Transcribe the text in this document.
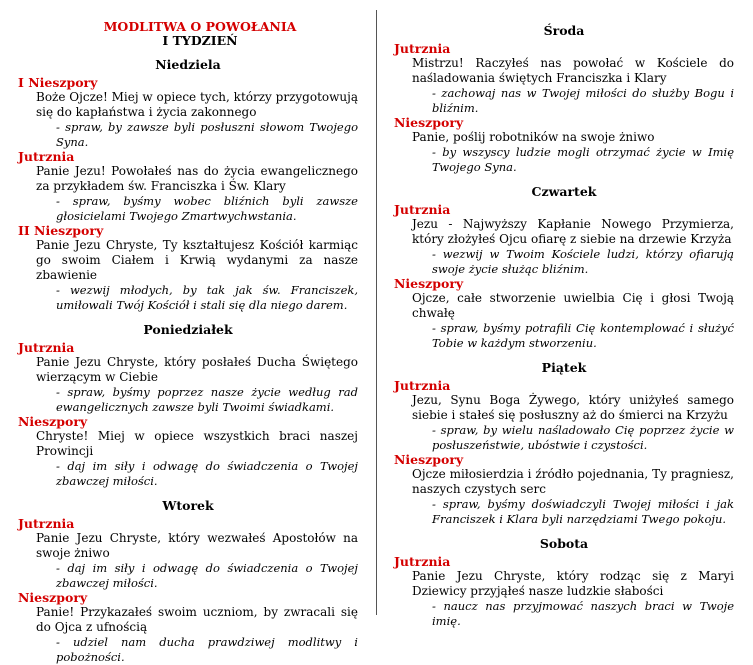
MODLITWA O POWOŁANIA
I TYDZIEŃ
Niedziela
I Nieszpory
Boże Ojcze! Miej w opiece tych, którzy przygotowują się do kapłaństwa i życia zakonnego
- spraw, by zawsze byli posłuszni słowom Twojego Syna.
Jutrznia
Panie Jezu! Powołałeś nas do życia ewangelicznego za przykładem św. Franciszka i Św. Klary
- spraw, byśmy wobec bliźnich byli zawsze głosicielami Twojego Zmartwychwstania.
II Nieszpory
Panie Jezu Chryste, Ty kształtujesz Kościół karmiąc go swoim Ciałem i Krwią wydanymi za nasze zbawienie
- wezwij młodych, by tak jak św. Franciszek, umiłowali Twój Kościół i stali się dla niego darem.
Poniedziałek
Jutrznia
Panie Jezu Chryste, który posłałeś Ducha Świętego wierzącym w Ciebie
- spraw, byśmy poprzez nasze życie według rad ewangelicznych zawsze byli Twoimi świadkami.
Nieszpory
Chryste! Miej w opiece wszystkich braci naszej Prowincji
- daj im siły i odwagę do świadczenia o Twojej zbawczej miłości.
Wtorek
Jutrznia
Panie Jezu Chryste, który wezwałeś Apostołów na swoje żniwo
- daj im siły i odwagę do świadczenia o Twojej zbawczej miłości.
Nieszpory
Panie! Przykazałeś swoim uczniom, by zwracali się do Ojca z ufnością
- udziel nam ducha prawdziwej modlitwy i pobożności.
Środa
Jutrznia
Mistrzu! Raczyłeś nas powołać w Kościele do naśladowania świętych Franciszka i Klary
- zachowaj nas w Twojej miłości do służby Bogu i bliźnim.
Nieszpory
Panie, poślij robotników na swoje żniwo
- by wszyscy ludzie mogli otrzymać życie w Imię Twojego Syna.
Czwartek
Jutrznia
Jezu - Najwyższy Kapłanie Nowego Przymierza, który złożyłeś Ojcu ofiarę z siebie na drzewie Krzyża
- wezwij w Twoim Kościele ludzi, którzy ofiarują swoje życie służąc bliźnim.
Nieszpory
Ojcze, całe stworzenie uwielbia Cię i głosi Twoją chwałę
- spraw, byśmy potrafili Cię kontemplować i służyć Tobie w każdym stworzeniu.
Piątek
Jutrznia
Jezu, Synu Boga Żywego, który uniżyłeś samego siebie i stałeś się posłuszny aż do śmierci na Krzyżu
- spraw, by wielu naśladowało Cię poprzez życie w posłuszeństwie, ubóstwie i czystości.
Nieszpory
Ojcze miłosierdzia i źródło pojednania, Ty pragniesz, naszych czystych serc
- spraw, byśmy doświadczyli Twojej miłości i jak Franciszek i Klara byli narzędziami Twego pokoju.
Sobota
Jutrznia
Panie Jezu Chryste, który rodząc się z Maryi Dziewicy przyjąłeś nasze ludzkie słabości
- naucz nas przyjmować naszych braci w Twoje imię.
